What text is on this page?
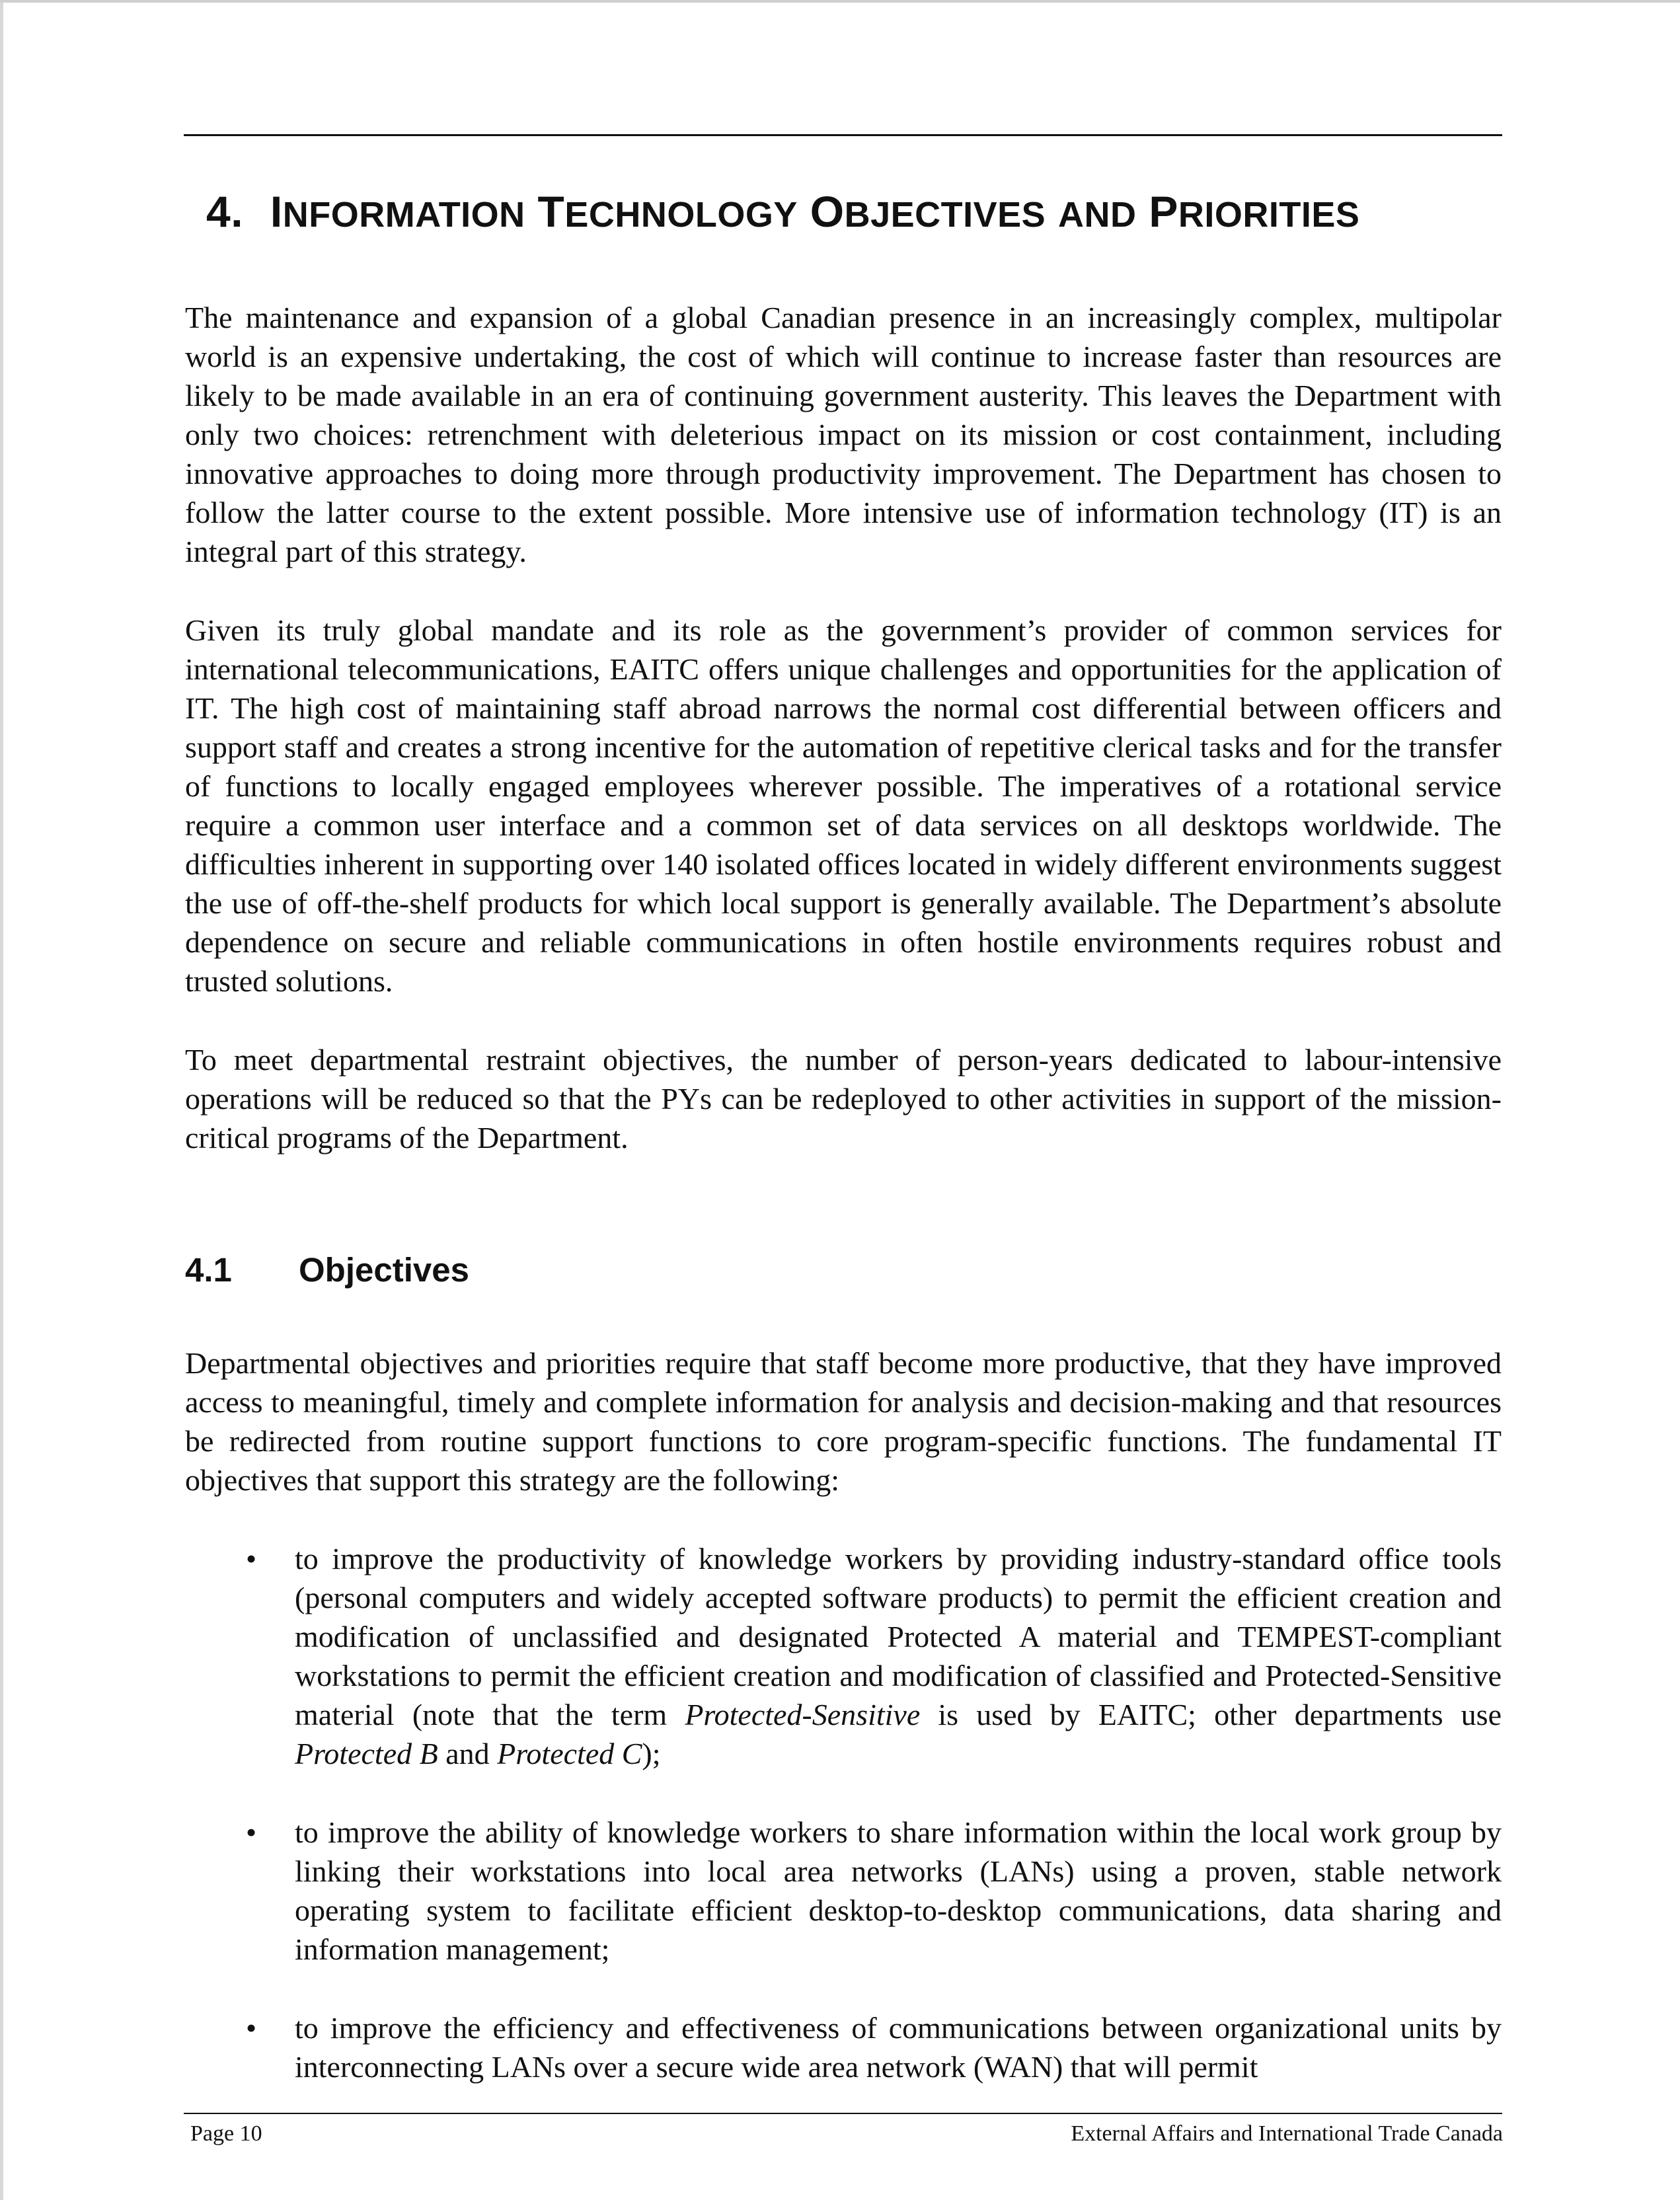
4. INFORMATION TECHNOLOGY OBJECTIVES AND PRIORITIES

The maintenance and expansion of a global Canadian presence in an increasingly complex, multipolar world is an expensive undertaking, the cost of which will continue to increase faster than resources are likely to be made available in an era of continuing government austerity. This leaves the Department with only two choices: retrenchment with deleterious impact on its mission or cost containment, including innovative approaches to doing more through productivity improvement. The Department has chosen to follow the latter course to the extent possible. More intensive use of information technology (IT) is an integral part of this strategy.

Given its truly global mandate and its role as the government’s provider of common services for international telecommunications, EAITC offers unique challenges and opportunities for the application of IT. The high cost of maintaining staff abroad narrows the normal cost differential between officers and support staff and creates a strong incentive for the automation of repetitive clerical tasks and for the transfer of functions to locally engaged employees wherever possible. The imperatives of a rotational service require a common user interface and a common set of data services on all desktops worldwide. The difficulties inherent in supporting over 140 isolated offices located in widely different environments suggest the use of off-the-shelf products for which local support is generally available. The Department’s absolute dependence on secure and reliable communications in often hostile environments requires robust and trusted solutions.

To meet departmental restraint objectives, the number of person-years dedicated to labour-intensive operations will be reduced so that the PYs can be redeployed to other activities in support of the mission-critical programs of the Department.

4.1 Objectives

Departmental objectives and priorities require that staff become more productive, that they have improved access to meaningful, timely and complete information for analysis and decision-making and that resources be redirected from routine support functions to core program-specific functions. The fundamental IT objectives that support this strategy are the following:

• to improve the productivity of knowledge workers by providing industry-standard office tools (personal computers and widely accepted software products) to permit the efficient creation and modification of unclassified and designated Protected A material and TEMPEST-compliant workstations to permit the efficient creation and modification of classified and Protected-Sensitive material (note that the term Protected-Sensitive is used by EAITC; other departments use Protected B and Protected C);

• to improve the ability of knowledge workers to share information within the local work group by linking their workstations into local area networks (LANs) using a proven, stable network operating system to facilitate efficient desktop-to-desktop communications, data sharing and information management;

• to improve the efficiency and effectiveness of communications between organizational units by interconnecting LANs over a secure wide area network (WAN) that will permit

Page 10	External Affairs and International Trade Canada
